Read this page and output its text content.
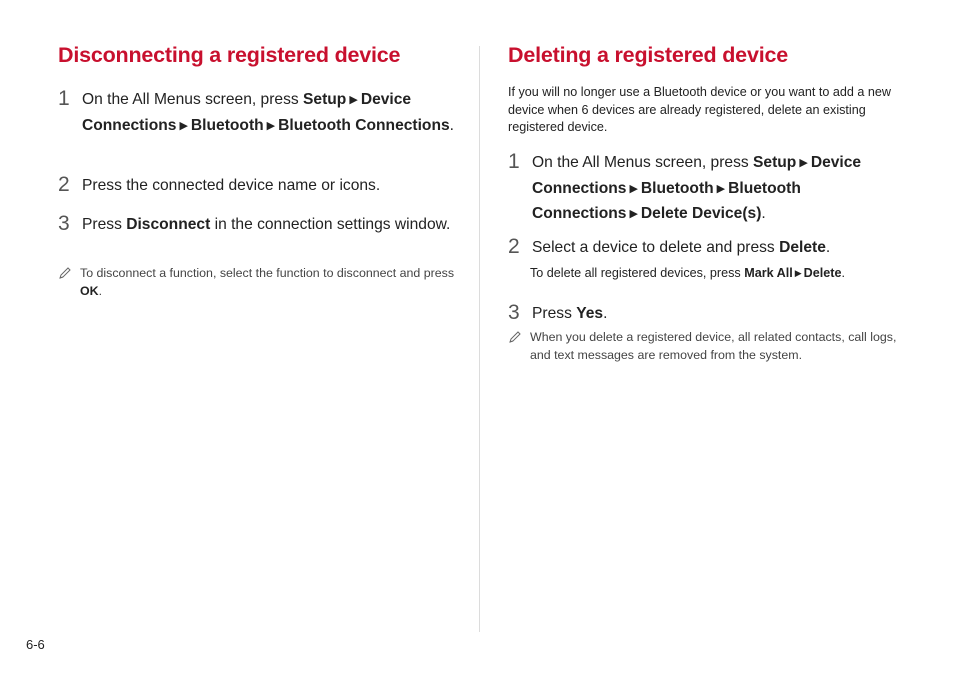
Disconnecting a registered device
1 On the All Menus screen, press Setup ▶ Device Connections ▶ Bluetooth ▶ Bluetooth Connections.
2 Press the connected device name or icons.
3 Press Disconnect in the connection settings window.
To disconnect a function, select the function to disconnect and press OK.
Deleting a registered device

If you will no longer use a Bluetooth device or you want to add a new device when 6 devices are already registered, delete an existing registered device.

1 On the All Menus screen, press Setup ▶ Device Connections ▶ Bluetooth ▶ Bluetooth Connections ▶ Delete Device(s).
2 Select a device to delete and press Delete.
To delete all registered devices, press Mark All ▶ Delete.
3 Press Yes.
When you delete a registered device, all related contacts, call logs, and text messages are removed from the system.
6-6
